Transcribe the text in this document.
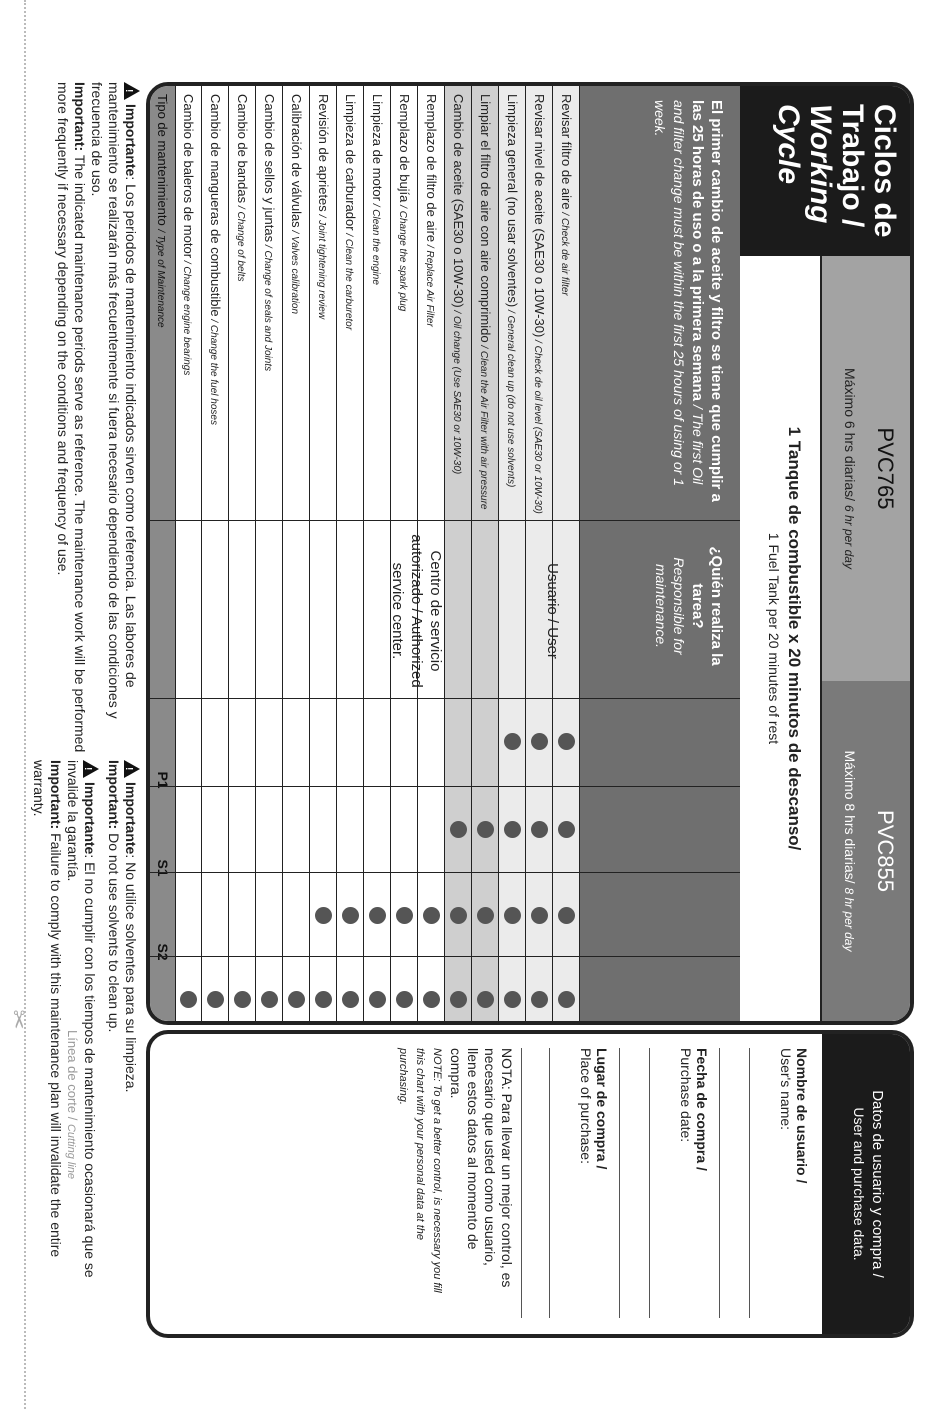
✂
Línea de corte / Cutting line
Ciclos de
Trabajo /
Working Cycle
PVC765
Máximo 6 hrs diarias/ 6 hr per day
PVC855
Máximo 8 hrs diarias/ 8 hr per day
1 Tanque de combustible x 20 minutos de descanso/
1 Fuel Tank per 20 minutes of rest
El primer cambio de aceite y filtro se tiene que cumplir a las 25 horas de uso o a la primera semana / The first Oil and filter change must be within the first 25 hours of using or 1 week.
¿Quién realiza la tarea?
Responsible for maintenance.
Revisar filtro de aire / Check de air filter
Revisar nivel de aceite (SAE30 o 10W-30) / Check de oil level (SAE30 or 10W-30)
Limpieza general (no usar solventes) / General clean up (do not use solvents)
Limpiar el filtro de aire con aire comprimido / Clean the Air Filter with air pressure
Cambio de aceite (SAE30 o 10W-30) / Oil change (Use SAE30 or 10W-30)
Remplazo de filtro de aire / Replace Air Filter
Remplazo de bujía / Change the spark plug
Limpieza de motor / Clean the engine
Limpieza de carburador / Clean the carburetor
Revisión de aprietes / Joint tightening review
Calibración de válvulas / Valves calibration
Cambio de sellos y juntas / Change of seals and Joints
Cambio de bandas / Change of belts
Cambio de mangueras de combustible / Change the fuel hoses
Cambio de baleros de motor / Change engine bearings
Tipo de mantenimiento / Type of Maintenance
P1
S1
S2
Usuario / User
Centro de servicio autorizado / Authorized service center.

!Importante: Los periodos de mantenimiento indicados sirven como referencia. Las labores de mantenimiento se realizarán más frecuentemente si fuera necesario dependiendo de las condiciones y frecuencia de uso.
Important: The indicated maintenance periods serve as reference. The maintenance work will be performed more frequently if necessary depending on the conditions and frequency of use.

!Importante: No utilice solventes para su limpieza.
Important: Do not use solvents to clean up.

!Importante: El no cumplir con los tiempos de mantenimiento ocasionará que se invalide la garantía.
Important: Failure to comply with this maintenance plan will invalidate the entire warranty.

Datos de usuario y compra /
User and purchase data.
Nombre de usuario /
User's name:
Fecha de compra /
Purchase date:
Lugar de compra /
Place of purchase:
NOTA: Para llevar un mejor control, es necesario que usted como usuario, llene estos datos al momento de compra.
NOTE: To get a better control, is necessary you fill this chart with your personal data at the purchasing.
